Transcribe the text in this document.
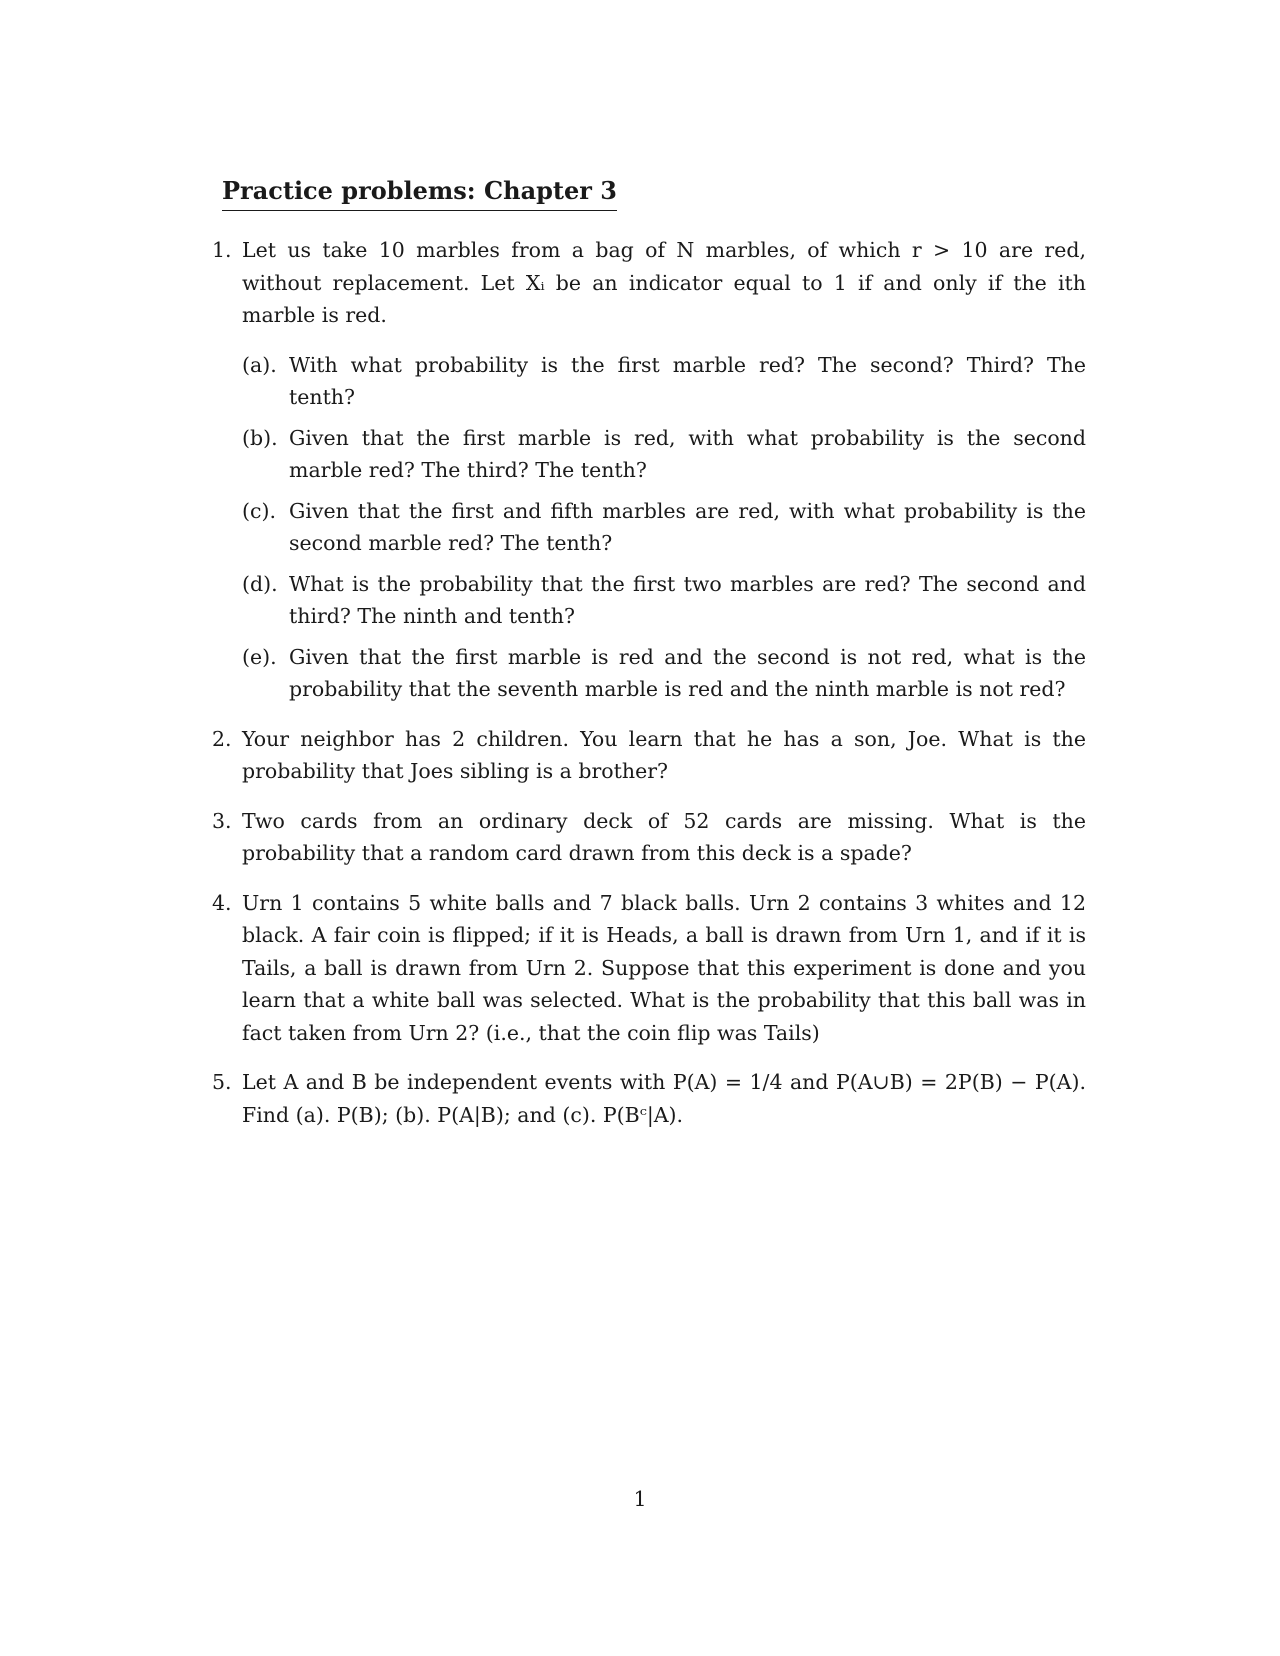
Practice problems: Chapter 3
1. Let us take 10 marbles from a bag of N marbles, of which r > 10 are red, without replacement. Let Xᵢ be an indicator equal to 1 if and only if the ith marble is red.
(a). With what probability is the first marble red? The second? Third? The tenth?
(b). Given that the first marble is red, with what probability is the second marble red? The third? The tenth?
(c). Given that the first and fifth marbles are red, with what probability is the second marble red? The tenth?
(d). What is the probability that the first two marbles are red? The second and third? The ninth and tenth?
(e). Given that the first marble is red and the second is not red, what is the probability that the seventh marble is red and the ninth marble is not red?
2. Your neighbor has 2 children. You learn that he has a son, Joe. What is the probability that Joes sibling is a brother?
3. Two cards from an ordinary deck of 52 cards are missing. What is the probability that a random card drawn from this deck is a spade?
4. Urn 1 contains 5 white balls and 7 black balls. Urn 2 contains 3 whites and 12 black. A fair coin is flipped; if it is Heads, a ball is drawn from Urn 1, and if it is Tails, a ball is drawn from Urn 2. Suppose that this experiment is done and you learn that a white ball was selected. What is the probability that this ball was in fact taken from Urn 2? (i.e., that the coin flip was Tails)
5. Let A and B be independent events with P(A) = 1/4 and P(A∪B) = 2P(B) − P(A). Find (a). P(B); (b). P(A|B); and (c). P(Bᶜ|A).
1
